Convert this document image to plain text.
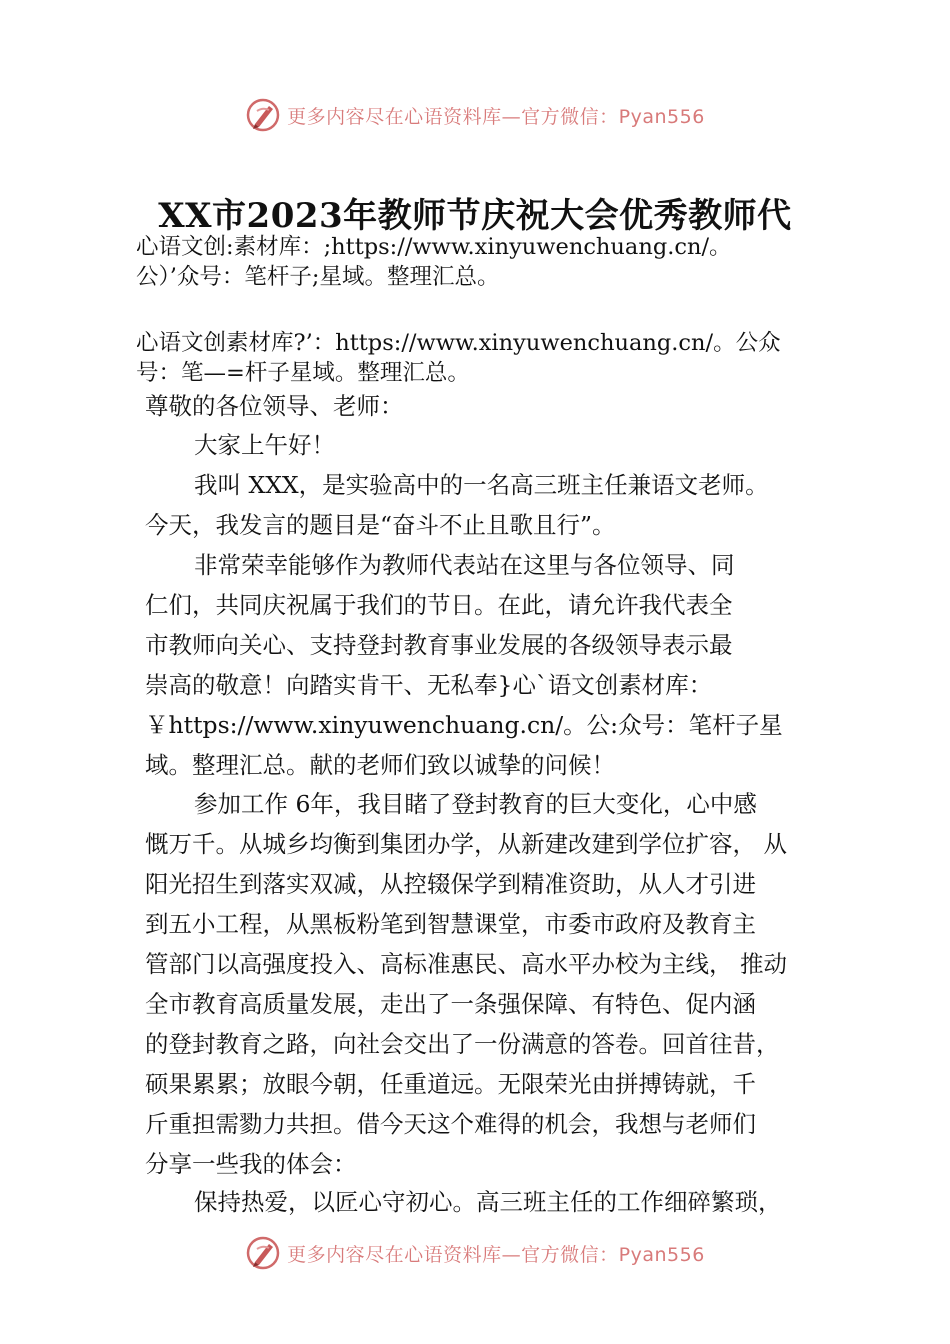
更多内容尽在心语资料库—官方微信：Pyan556
XX市2023年教师节庆祝大会优秀教师代
心语文创:素材库：;https://www.xinyuwenchuang.cn/。
公）’众号：笔杆子;星域。整理汇总。
心语文创素材库?’：https://www.xinyuwenchuang.cn/。公众
号：笔—=杆子星域。整理汇总。
尊敬的各位领导、老师：
大家上午好！
我叫 XXX，是实验高中的一名高三班主任兼语文老师。
今天，我发言的题目是“奋斗不止且歌且行”。
非常荣幸能够作为教师代表站在这里与各位领导、同
仁们，共同庆祝属于我们的节日。在此，请允许我代表全
市教师向关心、支持登封教育事业发展的各级领导表示最
崇高的敬意！向踏实肯干、无私奉}心`语文创素材库：
￥https://www.xinyuwenchuang.cn/。公:众号：笔杆子星
域。整理汇总。献的老师们致以诚挚的问候！
参加工作 6年，我目睹了登封教育的巨大变化，心中感
慨万千。从城乡均衡到集团办学，从新建改建到学位扩容， 从
阳光招生到落实双减，从控辍保学到精准资助，从人才引进
到五小工程，从黑板粉笔到智慧课堂，市委市政府及教育主
管部门以高强度投入、高标准惠民、高水平办校为主线， 推动
全市教育高质量发展，走出了一条强保障、有特色、促内涵
的登封教育之路，向社会交出了一份满意的答卷。回首往昔，
硕果累累；放眼今朝，任重道远。无限荣光由拼搏铸就，千
斤重担需勠力共担。借今天这个难得的机会，我想与老师们
分享一些我的体会：
保持热爱，以匠心守初心。高三班主任的工作细碎繁琐，
更多内容尽在心语资料库—官方微信：Pyan556
